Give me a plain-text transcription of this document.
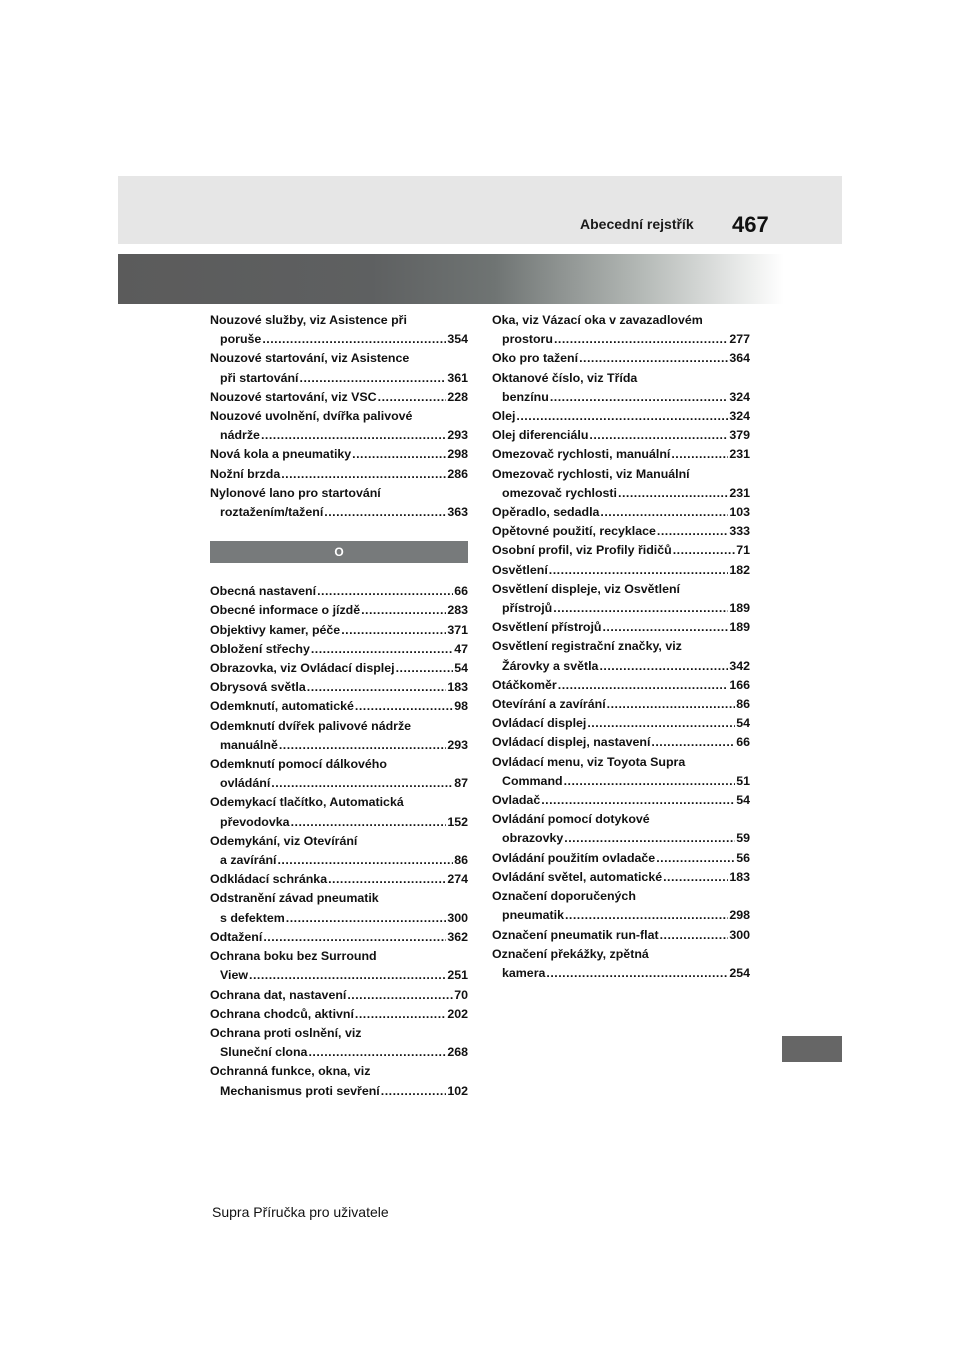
Abecední rejstřík 467
Nouzové služby, viz Asistence při
poruše .....	354
Nouzové startování, viz Asistence
při startování .....	361
Nouzové startování, viz VSC .....	228
Nouzové uvolnění, dvířka palivové
nádrže .....	293
Nová kola a pneumatiky .....	298
Nožní brzda .....	286
Nylonové lano pro startování
roztažením/tažení .....	363
O
Obecná nastavení .....	66
Obecné informace o jízdě .....	283
Objektivy kamer, péče .....	371
Obložení střechy .....	47
Obrazovka, viz Ovládací displej .....	54
Obrysová světla .....	183
Odemknutí, automatické .....	98
Odemknutí dvířek palivové nádrže
manuálně .....	293
Odemknutí pomocí dálkového
ovládání .....	87
Odemykací tlačítko, Automatická
převodovka .....	152
Odemykání, viz Otevírání
a zavírání .....	86
Odkládací schránka .....	274
Odstranění závad pneumatik
s defektem .....	300
Odtažení .....	362
Ochrana boku bez Surround
View .....	251
Ochrana dat, nastavení .....	70
Ochrana chodců, aktivní .....	202
Ochrana proti oslnění, viz
Sluneční clona .....	268
Ochranná funkce, okna, viz
Mechanismus proti sevření .....	102
Oka, viz Vázací oka v zavazadlovém
prostoru .....	277
Oko pro tažení .....	364
Oktanové číslo, viz Třída
benzínu .....	324
Olej .....	324
Olej diferenciálu .....	379
Omezovač rychlosti, manuální .....	231
Omezovač rychlosti, viz Manuální
omezovač rychlosti .....	231
Opěradlo, sedadla .....	103
Opětovné použití, recyklace .....	333
Osobní profil, viz Profily řidičů .....	71
Osvětlení .....	182
Osvětlení displeje, viz Osvětlení
přístrojů .....	189
Osvětlení přístrojů .....	189
Osvětlení registrační značky, viz
Žárovky a světla .....	342
Otáčkoměr .....	166
Otevírání a zavírání .....	86
Ovládací displej .....	54
Ovládací displej, nastavení .....	66
Ovládací menu, viz Toyota Supra
Command .....	51
Ovladač .....	54
Ovládání pomocí dotykové
obrazovky .....	59
Ovládání použitím ovladače .....	56
Ovládání světel, automatické .....	183
Označení doporučených
pneumatik .....	298
Označení pneumatik run-flat .....	300
Označení překážky, zpětná
kamera .....	254
Supra Příručka pro uživatele
